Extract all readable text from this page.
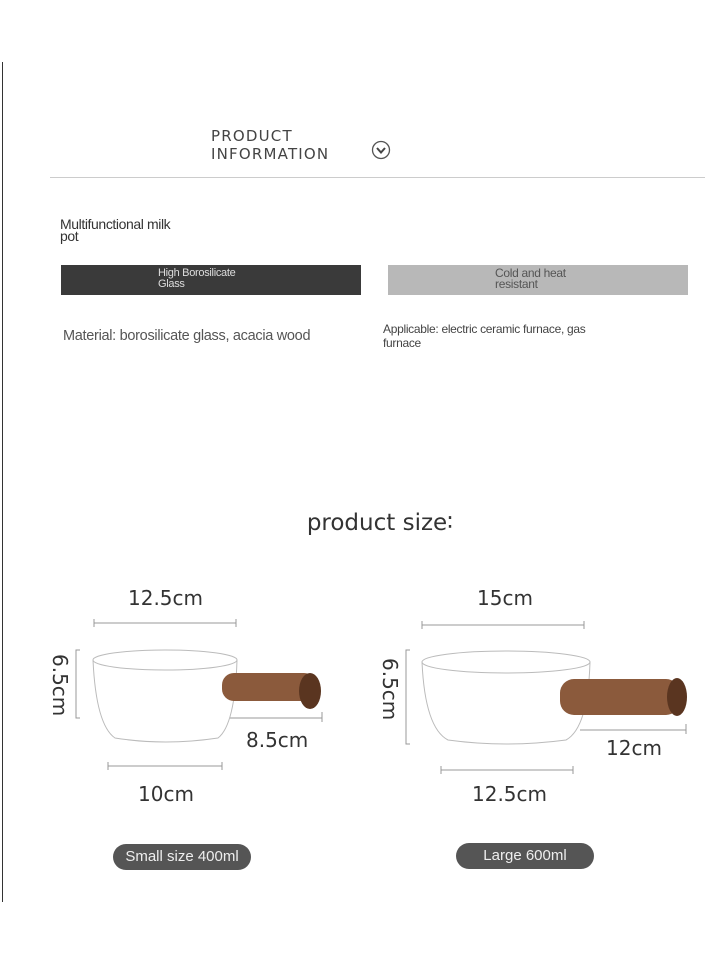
PRODUCT
INFORMATION
Multifunctional milk
pot
High Borosilicate
Glass
Cold and heat
resistant
Material: borosilicate glass, acacia wood	Applicable: electric ceramic furnace, gas furnace
product size∶
12.5cm
6.5cm
8.5cm
10cm
15cm
6.5cm
12cm
12.5cm
Small size 400ml	Large 600ml
